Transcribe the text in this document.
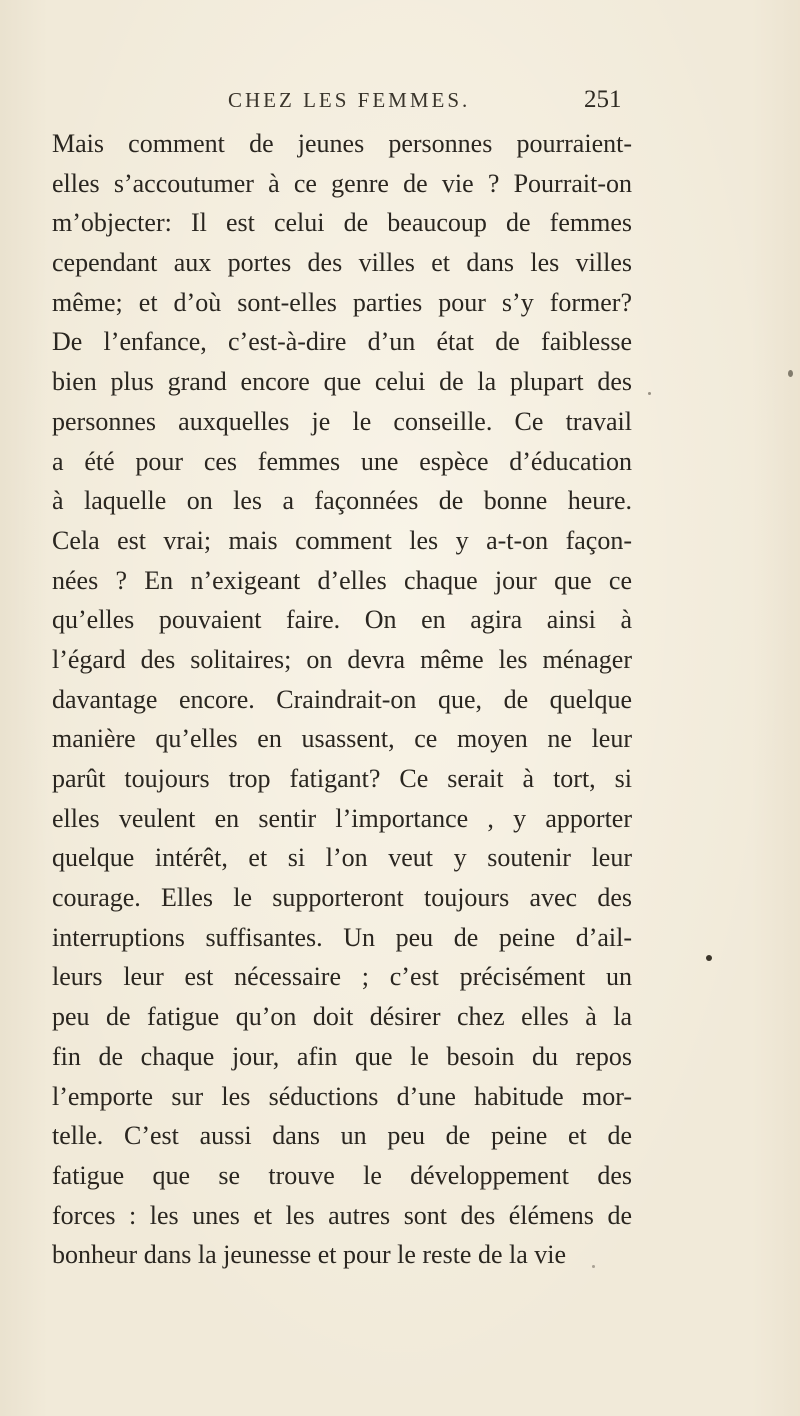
CHEZ LES FEMMES.	251
Mais comment de jeunes personnes pourraient-
elles s’accoutumer à ce genre de vie ? Pourrait-on
m’objecter: Il est celui de beaucoup de femmes
cependant aux portes des villes et dans les villes
même; et d’où sont-elles parties pour s’y former?
De l’enfance, c’est-à-dire d’un état de faiblesse
bien plus grand encore que celui de la plupart des
personnes auxquelles je le conseille. Ce travail
a été pour ces femmes une espèce d’éducation
à laquelle on les a façonnées de bonne heure.
Cela est vrai; mais comment les y a-t-on façon-
nées ? En n’exigeant d’elles chaque jour que ce
qu’elles pouvaient faire. On en agira ainsi à
l’égard des solitaires; on devra même les ménager
davantage encore. Craindrait-on que, de quelque
manière qu’elles en usassent, ce moyen ne leur
parût toujours trop fatigant? Ce serait à tort, si
elles veulent en sentir l’importance , y apporter
quelque intérêt, et si l’on veut y soutenir leur
courage. Elles le supporteront toujours avec des
interruptions suffisantes. Un peu de peine d’ail-
leurs leur est nécessaire ; c’est précisément un
peu de fatigue qu’on doit désirer chez elles à la
fin de chaque jour, afin que le besoin du repos
l’emporte sur les séductions d’une habitude mor-
telle. C’est aussi dans un peu de peine et de
fatigue que se trouve le développement des
forces : les unes et les autres sont des élémens de
bonheur dans la jeunesse et pour le reste de la vie
